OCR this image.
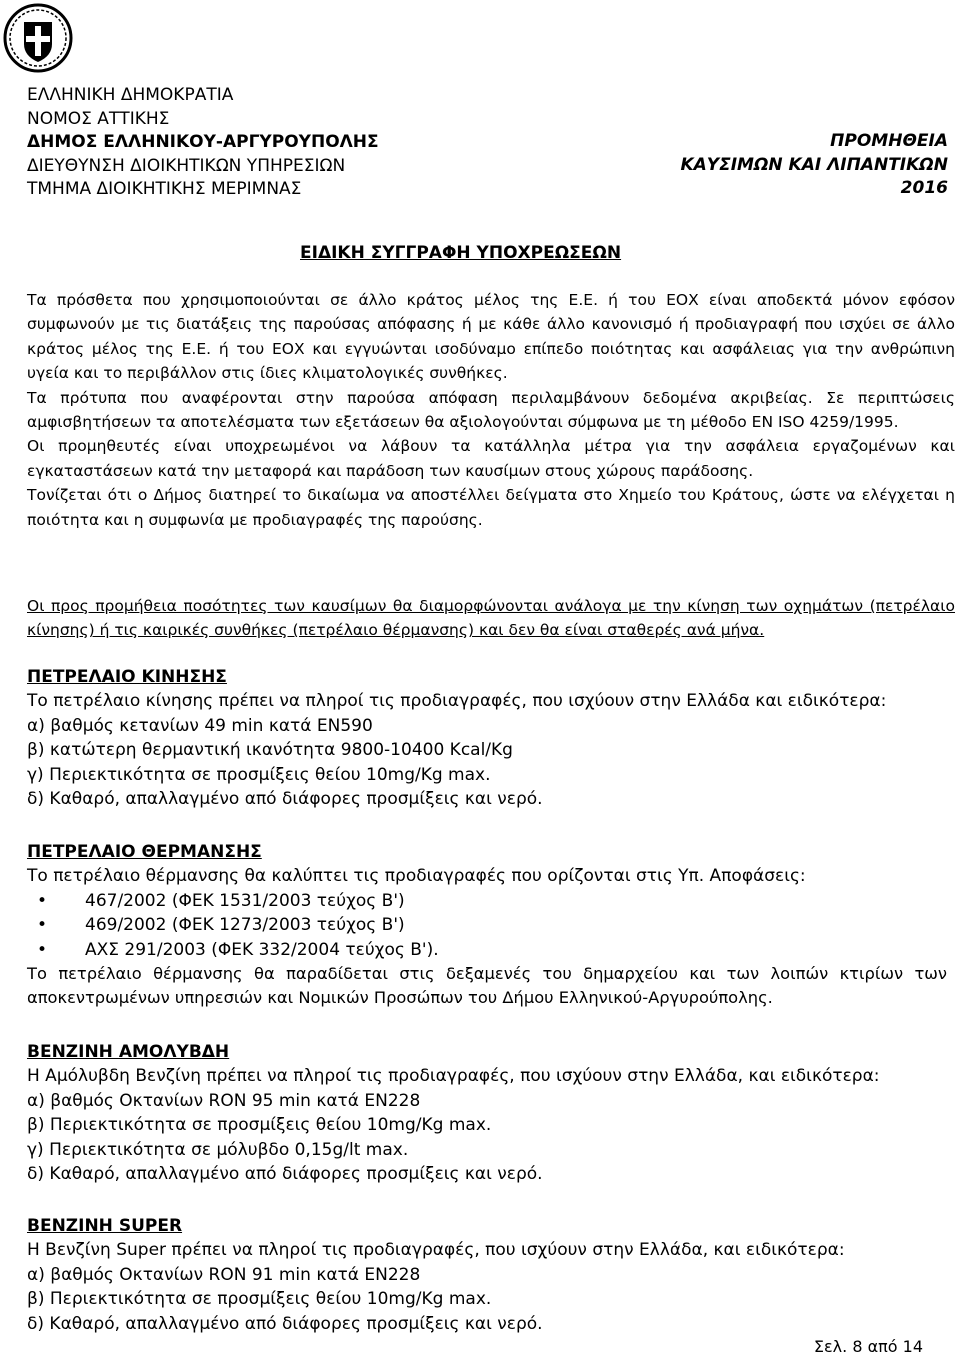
ΕΛΛΗΝΙΚΗ ΔΗΜΟΚΡΑΤΙΑ
ΝΟΜΟΣ ΑΤΤΙΚΗΣ
ΔΗΜΟΣ ΕΛΛΗΝΙΚΟΥ-ΑΡΓΥΡΟΥΠΟΛΗΣ
ΔΙΕΥΘΥΝΣΗ ΔΙΟΙΚΗΤΙΚΩΝ ΥΠΗΡΕΣΙΩΝ
ΤΜΗΜΑ ΔΙΟΙΚΗΤΙΚΗΣ ΜΕΡΙΜΝΑΣ
ΠΡΟΜΗΘΕΙΑ
ΚΑΥΣΙΜΩΝ ΚΑΙ ΛΙΠΑΝΤΙΚΩΝ
2016
ΕΙΔΙΚΗ ΣΥΓΓΡΑΦΗ ΥΠΟΧΡΕΩΣΕΩΝ

Τα πρόσθετα που χρησιμοποιούνται σε άλλο κράτος μέλος της Ε.Ε. ή του ΕΟΧ είναι αποδεκτά μόνον εφόσον συμφωνούν με τις διατάξεις της παρούσας απόφασης ή με κάθε άλλο κανονισμό ή προδιαγραφή που ισχύει σε άλλο κράτος μέλος της Ε.Ε. ή του ΕΟΧ και εγγυώνται ισοδύναμο επίπεδο ποιότητας και ασφάλειας για την ανθρώπινη υγεία και το περιβάλλον στις ίδιες κλιματολογικές συνθήκες.

Τα πρότυπα που αναφέρονται στην παρούσα απόφαση περιλαμβάνουν δεδομένα ακριβείας. Σε περιπτώσεις αμφισβητήσεων τα αποτελέσματα των εξετάσεων θα αξιολογούνται σύμφωνα με τη μέθοδο EN ISO 4259/1995.

Οι προμηθευτές είναι υποχρεωμένοι να λάβουν τα κατάλληλα μέτρα για την ασφάλεια εργαζομένων και εγκαταστάσεων κατά την μεταφορά και παράδοση των καυσίμων στους χώρους παράδοσης.

Τονίζεται ότι ο Δήμος διατηρεί το δικαίωμα να αποστέλλει δείγματα στο Χημείο του Κράτους, ώστε να ελέγχεται η ποιότητα και η συμφωνία με προδιαγραφές της παρούσης.

Οι προς προμήθεια ποσότητες των καυσίμων θα διαμορφώνονται ανάλογα με την κίνηση των οχημάτων (πετρέλαιο κίνησης) ή τις καιρικές συνθήκες (πετρέλαιο θέρμανσης) και δεν θα είναι σταθερές ανά μήνα.

ΠΕΤΡΕΛΑΙΟ ΚΙΝΗΣΗΣ

Το πετρέλαιο κίνησης πρέπει να πληροί τις προδιαγραφές, που ισχύουν στην Ελλάδα και ειδικότερα:

α) βαθμός κετανίων 49 min κατά ΕΝ590

β) κατώτερη θερμαντική ικανότητα 9800-10400 Kcal/Kg

γ) Περιεκτικότητα σε προσμίξεις θείου 10mg/Kg max.

δ) Καθαρό, απαλλαγμένο από διάφορες προσμίξεις και νερό.

ΠΕΤΡΕΛΑΙΟ ΘΕΡΜΑΝΣΗΣ

Το πετρέλαιο θέρμανσης θα καλύπτει τις προδιαγραφές που ορίζονται στις Υπ. Αποφάσεις:

• 467/2002 (ΦΕΚ 1531/2003 τεύχος Β')
• 469/2002 (ΦΕΚ 1273/2003 τεύχος Β')
• ΑΧΣ 291/2003 (ΦΕΚ 332/2004 τεύχος Β').

Το πετρέλαιο θέρμανσης θα παραδίδεται στις δεξαμενές του δημαρχείου και των λοιπών κτιρίων των αποκεντρωμένων υπηρεσιών και Νομικών Προσώπων του Δήμου Ελληνικού-Αργυρούπολης.

ΒΕΝΖΙΝΗ ΑΜΟΛΥΒΔΗ

Η Αμόλυβδη Βενζίνη πρέπει να πληροί τις προδιαγραφές, που ισχύουν στην Ελλάδα, και ειδικότερα:

α) βαθμός Οκτανίων RON 95 min κατά ΕΝ228

β) Περιεκτικότητα σε προσμίξεις θείου 10mg/Kg max.

γ) Περιεκτικότητα σε μόλυβδο 0,15g/lt max.

δ) Καθαρό, απαλλαγμένο από διάφορες προσμίξεις και νερό.

ΒΕΝΖΙΝΗ SUPER

Η Βενζίνη Super πρέπει να πληροί τις προδιαγραφές, που ισχύουν στην Ελλάδα, και ειδικότερα:

α) βαθμός Οκτανίων RON 91 min κατά ΕΝ228

β) Περιεκτικότητα σε προσμίξεις θείου 10mg/Kg max.

δ) Καθαρό, απαλλαγμένο από διάφορες προσμίξεις και νερό.

Σελ. 8 από 14
